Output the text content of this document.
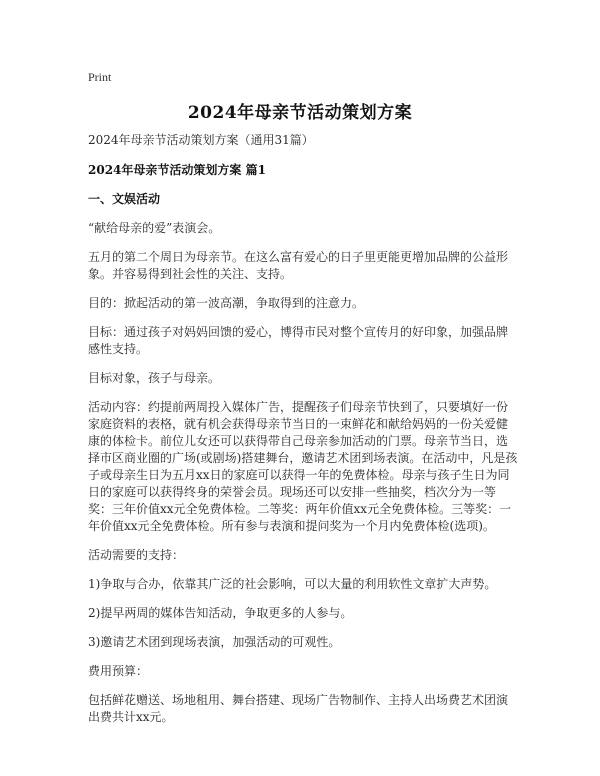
Print
2024年母亲节活动策划方案

2024年母亲节活动策划方案（通用31篇）

2024年母亲节活动策划方案 篇1

一、文娱活动

“献给母亲的爱”表演会。

五月的第二个周日为母亲节。在这么富有爱心的日子里更能更增加品牌的公益形象。并容易得到社会性的关注、支持。

目的：掀起活动的第一波高潮，争取得到的注意力。

目标：通过孩子对妈妈回馈的爱心，博得市民对整个宣传月的好印象，加强品牌感性支持。

目标对象，孩子与母亲。

活动内容：约提前两周投入媒体广告，提醒孩子们母亲节快到了，只要填好一份家庭资料的表格，就有机会获得母亲节当日的一束鲜花和献给妈妈的一份关爱健康的体检卡。前位儿女还可以获得带自己母亲参加活动的门票。母亲节当日，选择市区商业圈的广场(或剧场)搭建舞台，邀请艺术团到场表演。在活动中，凡是孩子或母亲生日为五月xx日的家庭可以获得一年的免费体检。母亲与孩子生日为同日的家庭可以获得终身的荣誉会员。现场还可以安排一些抽奖，档次分为一等奖：三年价值xx元全免费体检。二等奖：两年价值xx元全免费体检。三等奖：一年价值xx元全免费体检。所有参与表演和提问奖为一个月内免费体检(选项)。

活动需要的支持：

1)争取与合办，依靠其广泛的社会影响，可以大量的利用软性文章扩大声势。

2)提早两周的媒体告知活动，争取更多的人参与。

3)邀请艺术团到现场表演，加强活动的可观性。

费用预算：

包括鲜花赠送、场地租用、舞台搭建、现场广告物制作、主持人出场费艺术团演出费共计xx元。
